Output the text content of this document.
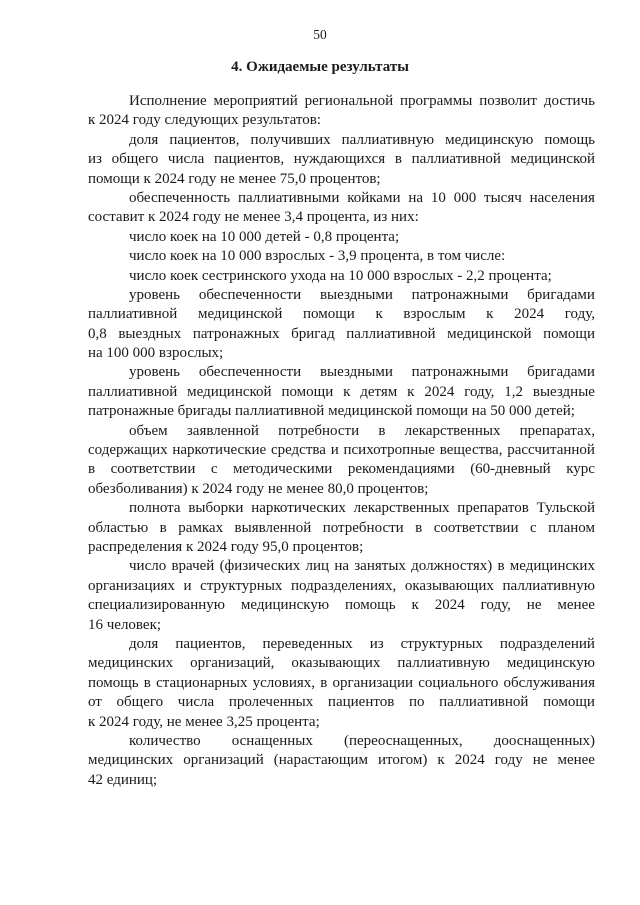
50
4. Ожидаемые результаты
Исполнение мероприятий региональной программы позволит достичь
к 2024 году следующих результатов:
доля пациентов, получивших паллиативную медицинскую помощь
из общего числа пациентов, нуждающихся в паллиативной медицинской
помощи к 2024 году не менее 75,0 процентов;
обеспеченность паллиативными койками на 10 000 тысяч населения
составит к 2024 году не менее 3,4 процента, из них:
число коек на 10 000 детей - 0,8 процента;
число коек на 10 000 взрослых - 3,9 процента, в том числе:
число коек сестринского ухода на 10 000 взрослых - 2,2 процента;
уровень обеспеченности выездными патронажными бригадами
паллиативной медицинской помощи к взрослым к 2024 году,
0,8 выездных патронажных бригад паллиативной медицинской помощи
на 100 000 взрослых;
уровень обеспеченности выездными патронажными бригадами
паллиативной медицинской помощи к детям к 2024 году, 1,2 выездные
патронажные бригады паллиативной медицинской помощи на 50 000 детей;
объем заявленной потребности в лекарственных препаратах,
содержащих наркотические средства и психотропные вещества, рассчитанной
в соответствии с методическими рекомендациями (60-дневный курс
обезболивания) к 2024 году не менее 80,0 процентов;
полнота выборки наркотических лекарственных препаратов Тульской
областью в рамках выявленной потребности в соответствии с планом
распределения к 2024 году 95,0 процентов;
число врачей (физических лиц на занятых должностях) в медицинских
организациях и структурных подразделениях, оказывающих паллиативную
специализированную медицинскую помощь к 2024 году, не менее
16 человек;
доля пациентов, переведенных из структурных подразделений
медицинских организаций, оказывающих паллиативную медицинскую
помощь в стационарных условиях, в организации социального обслуживания
от общего числа пролеченных пациентов по паллиативной помощи
к 2024 году, не менее 3,25 процента;
количество оснащенных (переоснащенных, дооснащенных)
медицинских организаций (нарастающим итогом) к 2024 году не менее
42 единиц;
